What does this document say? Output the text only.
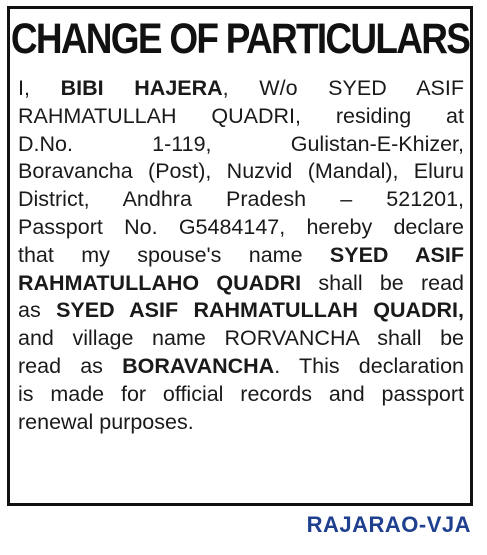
CHANGE OF PARTICULARS
I, BIBI HAJERA, W/o SYED ASIF
RAHMATULLAH QUADRI, residing at
D.No. 1-119, Gulistan-E-Khizer,
Boravancha (Post), Nuzvid (Mandal), Eluru
District, Andhra Pradesh – 521201,
Passport No. G5484147, hereby declare
that my spouse's name SYED ASIF
RAHMATULLAHO QUADRI shall be read
as SYED ASIF RAHMATULLAH QUADRI,
and village name RORVANCHA shall be
read as BORAVANCHA. This declaration
is made for official records and passport
renewal purposes.
RAJARAO-VJA
